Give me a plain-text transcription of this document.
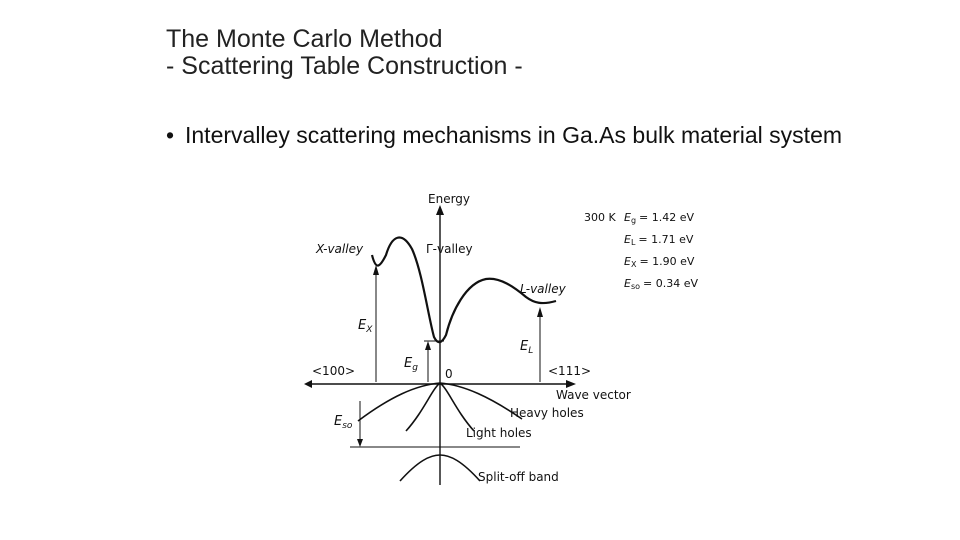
The Monte Carlo Method
- Scattering Table Construction -
• Intervalley scattering mechanisms in Ga.As bulk material system
Energy
X-valley	Γ-valley
L-valley
$E_X$
$E_g$
$E_L$
$E_{so}$
0
<100>	<111>
Wave vector
Heavy holes
Light holes
Split-off band
300 K Eg = 1.42 eV
EL = 1.71 eV
EX = 1.90 eV
Eso = 0.34 eV
